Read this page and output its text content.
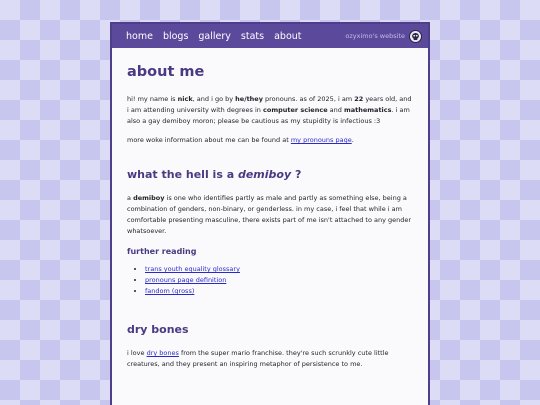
home blogs gallery stats about	ozyximo's website
about me

hi! my name is nick, and i go by he/they pronouns. as of 2025, i am 22 years old, and i am attending university with degrees in computer science and mathematics. i am also a gay demiboy moron; please be cautious as my stupidity is infectious :3

more woke information about me can be found at my pronouns page.

what the hell is a demiboy ?

a demiboy is one who identifies partly as male and partly as something else, being a combination of genders, non-binary, or genderless. in my case, i feel that while i am comfortable presenting masculine, there exists part of me isn't attached to any gender whatsoever.

further reading
• trans youth equality glossary
• pronouns page definition
• fandom (gross)
dry bones

i love dry bones from the super mario franchise. they're such scrunkly cute little creatures, and they present an inspiring metaphor of persistence to me.
